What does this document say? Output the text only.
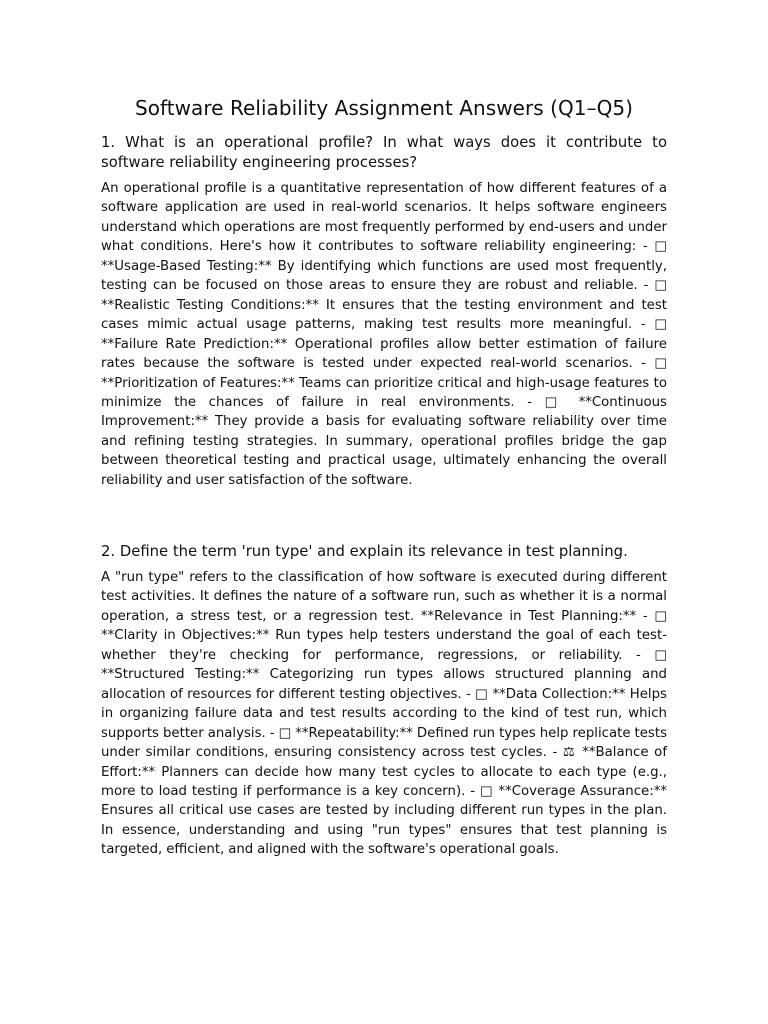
Software Reliability Assignment Answers (Q1–Q5)
1. What is an operational profile? In what ways does it contribute to software reliability engineering processes?

An operational profile is a quantitative representation of how different features of a software application are used in real-world scenarios. It helps software engineers understand which operations are most frequently performed by end-users and under what conditions. Here's how it contributes to software reliability engineering: - □ **Usage-Based Testing:** By identifying which functions are used most frequently, testing can be focused on those areas to ensure they are robust and reliable. - □ **Realistic Testing Conditions:** It ensures that the testing environment and test cases mimic actual usage patterns, making test results more meaningful. - □ **Failure Rate Prediction:** Operational profiles allow better estimation of failure rates because the software is tested under expected real-world scenarios. - □ **Prioritization of Features:** Teams can prioritize critical and high-usage features to minimize the chances of failure in real environments. - □ **Continuous Improvement:** They provide a basis for evaluating software reliability over time and refining testing strategies. In summary, operational profiles bridge the gap between theoretical testing and practical usage, ultimately enhancing the overall reliability and user satisfaction of the software.

2. Define the term 'run type' and explain its relevance in test planning.

A "run type" refers to the classification of how software is executed during different test activities. It defines the nature of a software run, such as whether it is a normal operation, a stress test, or a regression test. **Relevance in Test Planning:** - □ **Clarity in Objectives:** Run types help testers understand the goal of each test-whether they're checking for performance, regressions, or reliability. - □ **Structured Testing:** Categorizing run types allows structured planning and allocation of resources for different testing objectives. - □ **Data Collection:** Helps in organizing failure data and test results according to the kind of test run, which supports better analysis. - □ **Repeatability:** Defined run types help replicate tests under similar conditions, ensuring consistency across test cycles. - ⚖ **Balance of Effort:** Planners can decide how many test cycles to allocate to each type (e.g., more to load testing if performance is a key concern). - □ **Coverage Assurance:** Ensures all critical use cases are tested by including different run types in the plan. In essence, understanding and using "run types" ensures that test planning is targeted, efficient, and aligned with the software's operational goals.
